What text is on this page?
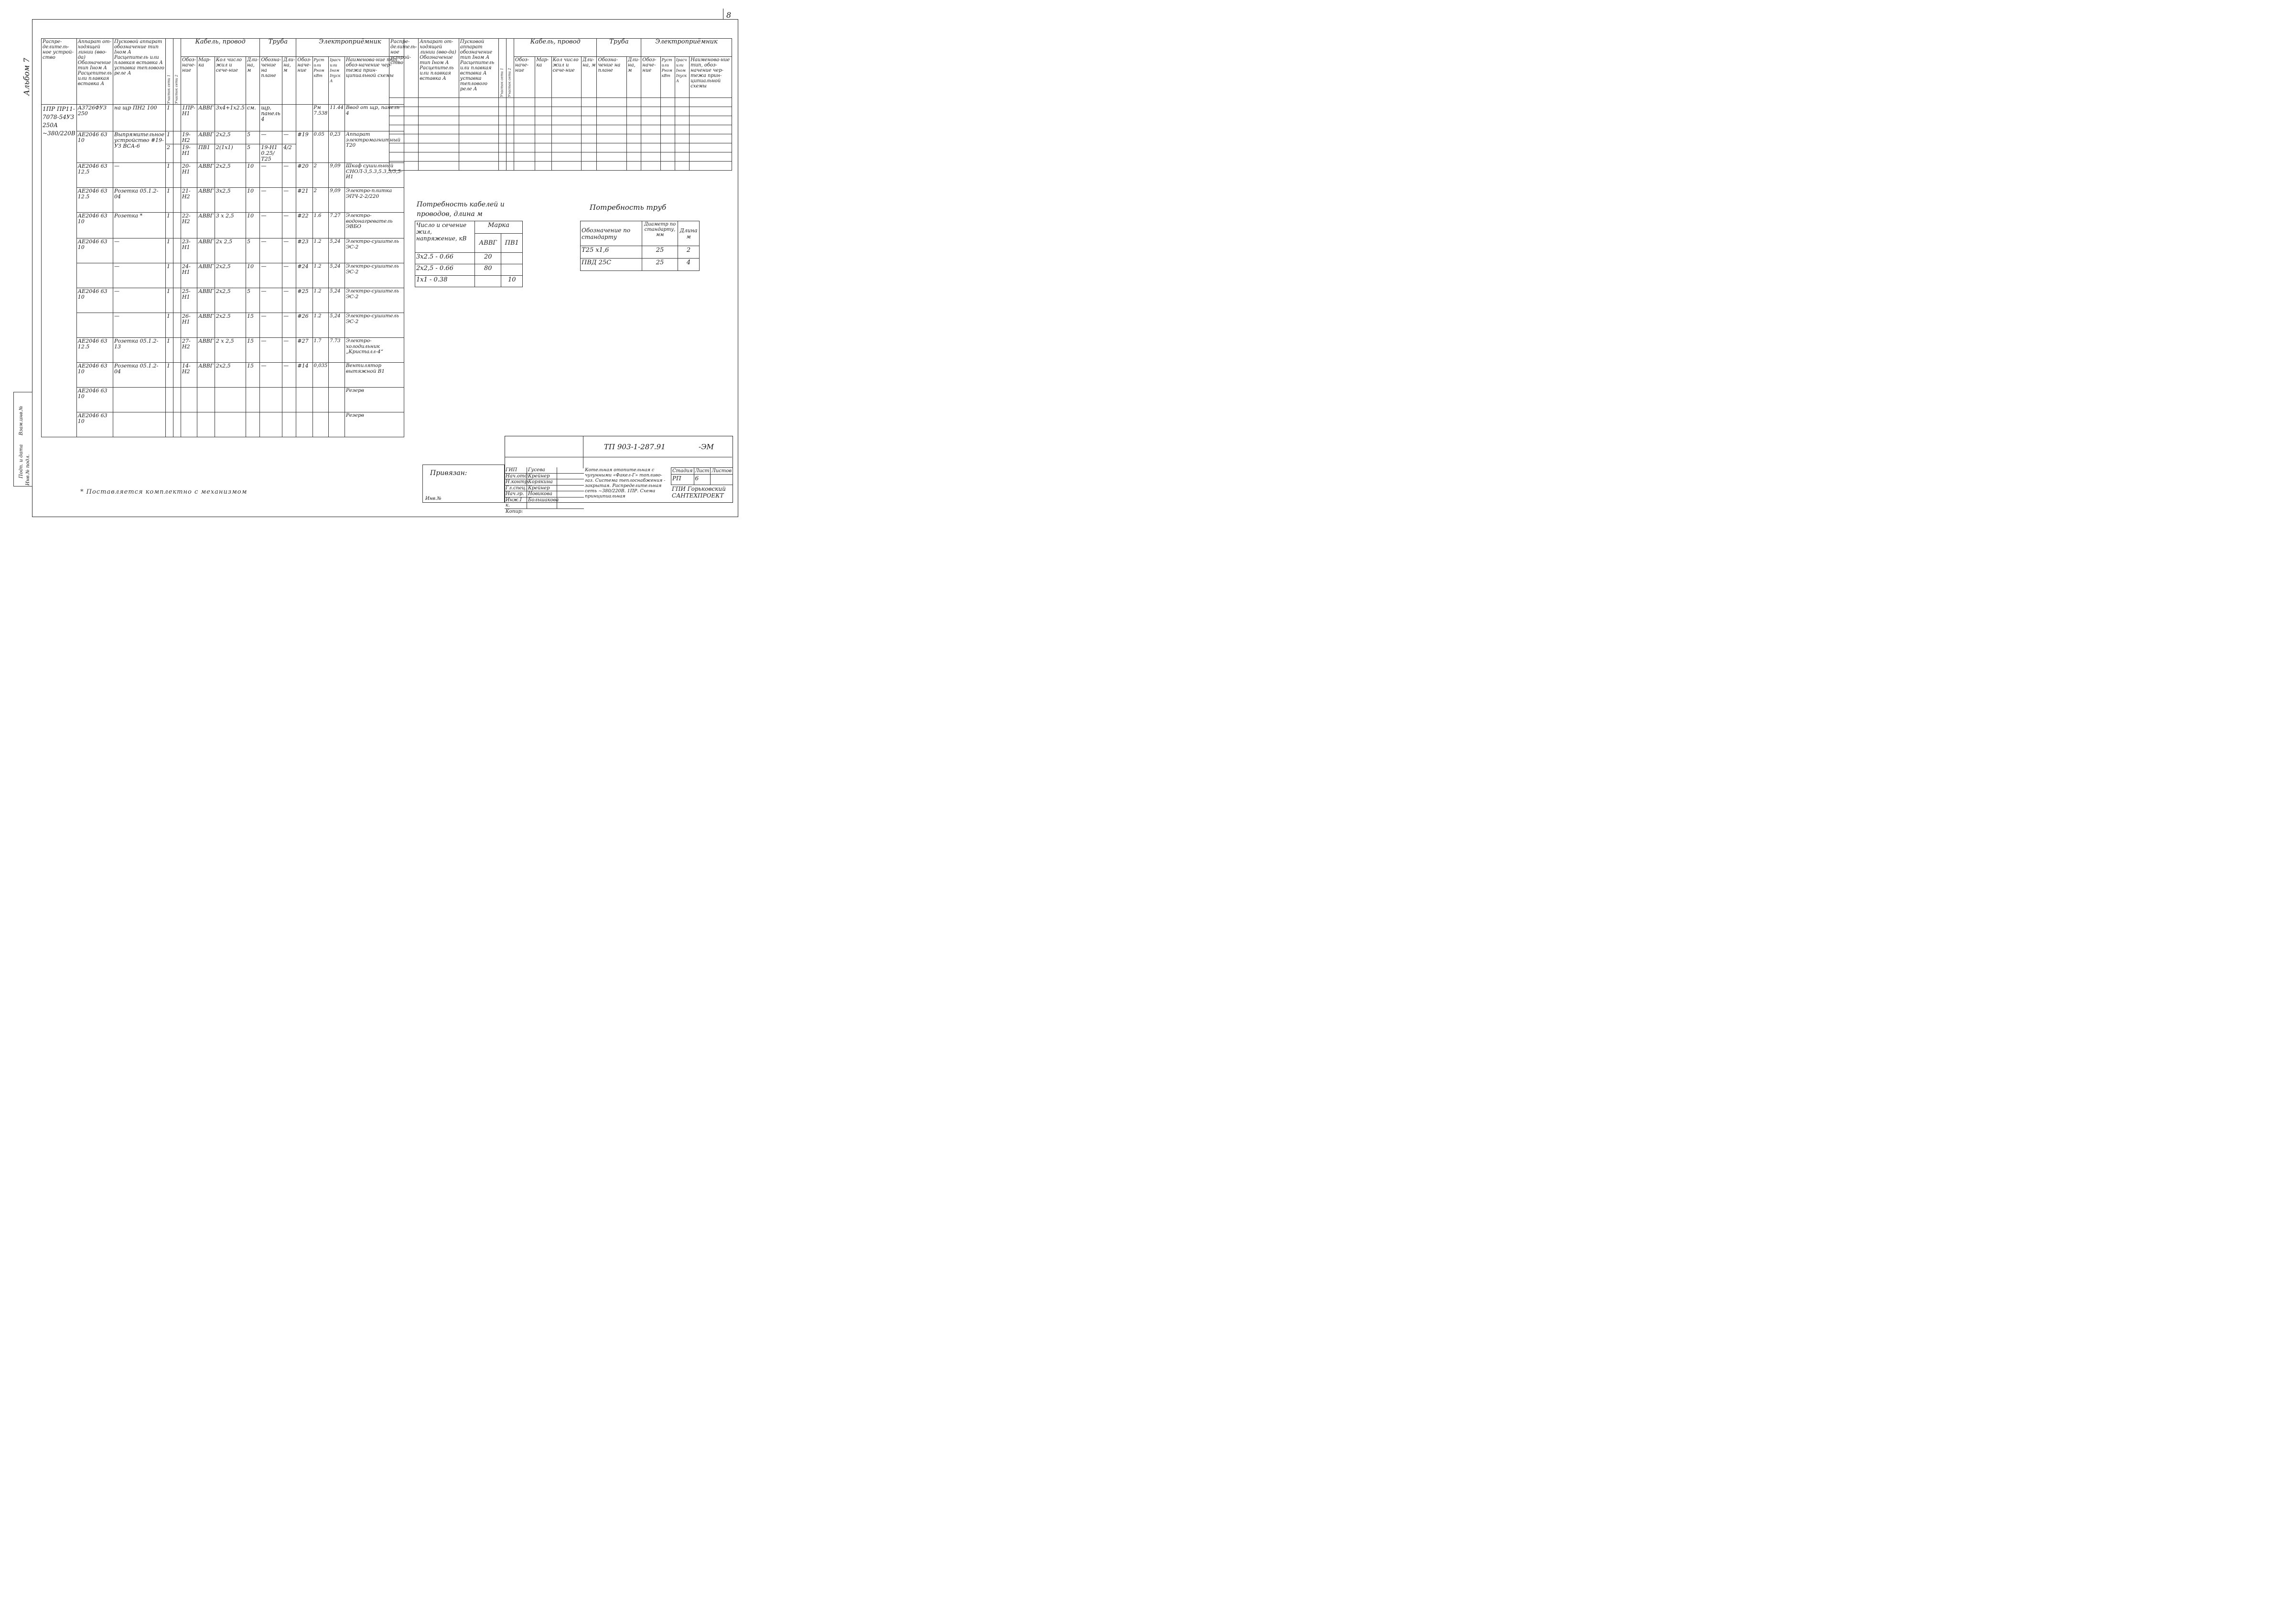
8
Альбом 7
Подп. и дата
Взам.инв.№
Инв.№ подл.
Распре-делитель-ное устрой-ство	Аппарат от-ходящей линии (вво-да) Обозначение тип Iном А Расцепитель или плавкая вставка А	Пусковой аппарат обозначение тип Iном А Расцепитель или плавкая вставка А уставка теплового реле А	Участок сети 1	Участок сети 2	Кабель, провод				Труба		Электроприёмник			
					Обоз-наче-ние	Мар-ка	Кол число жил и сече-ние	Дли-на, м	Обозна-чение на плане	Дли-на, м	Обоз-наче-ние	Руст или Рном кВт	Iрасч или Iном Iпуск А	Наименова-ние тип, обоз-начение чер-тежа прин-ципиальной схемы
1ПР ПР11-7078-54У3 250А ~380/220В	А3726ФУ3 250	на щр ПН2 100	1		1ПР-Н1	АВВГ	3х4+1х2.5	см.	щр, панель 4			Рм 7.538	11.44	Ввод от щр, панель 4
	АЕ2046 63 10	Выпрямительное устройство #19-УЗ ВСА-6	1		19-Н2	АВВГ	2х2,5	5	—	—	#19	0.05	0,23	Аппарат электромагнитный Т20
			2		19-Н1	ПВ1	2(1х1)	5	19-Н1 0.25/Т25	4/2				
	АЕ2046 63 12,5	—	1		20-Н1	АВВГ	2х2,5	10	—	—	#20	2	9,09	Шкаф сушильный СНОЛ-3,5.3,5.3,5/3,5-И1
	АЕ2046 63 12.5	Розетка 05.1.2-04	1		21-Н2	АВВГ	3х2,5	10	—	—	#21	2	9,09	Электро-плитка ЭПЧ-2-2/220
	АЕ2046 63 10	Розетка *	1		22-Н2	АВВГ	3 х 2,5	10	—	—	#22	1.6	7.27	Электро-водонагреватель ЭВБО
	АЕ2046 63 10	—	1		23-Н1	АВВГ	2х 2,5	5	—	—	#23	1.2	5,24	Электро-сушитель ЭС-2
		—	1		24-Н1	АВВГ	2х2,5	10	—	—	#24	1.2	5,24	Электро-сушитель ЭС-2
	АЕ2046 63 10	—	1		25-Н1	АВВГ	2х2,5	5	—	—	#25	1.2	5,24	Электро-сушитель ЭС-2
		—	1		26-Н1	АВВГ	2х2.5	15	—	—	#26	1.2	5,24	Электро-сушитель ЭС-2
	АЕ2046 63 12.5	Розетка 05.1.2-13	1		27-Н2	АВВГ	2 х 2,5	15	—	—	#27	1.7	7.73	Электро-холодильник „Кристалл-4“
	АЕ2046 63 10	Розетка 05.1.2-04	1		14-Н2	АВВГ	2х2,5	15	—	—	#14	0,035		Вентилятор вытяжной В1
	АЕ2046 63 10													Резерв
	АЕ2046 63 10													Резерв
Распре-делитель-ное устрой-ство	Аппарат от-ходящей линии (вво-да) Обозначение тип Iном А Расцепитель или плавкая вставка А	Пусковой аппарат обозначение тип Iном А Расцепитель или плавкая вставка А уставка теплового реле А	Участок сети 1	Участок сети 2	Кабель, провод				Труба		Электроприёмник			
					Обоз-наче-ние	Мар-ка	Кол число жил и сече-ние	Дли-на, м	Обозна-чение на плане	Дли-на, м	Обоз-наче-ние	Руст или Рном кВт	Iрасч или Iном Iпуск А	Наименова-ние тип, обоз-начение чер-тежа прин-ципиальной схемы

Потребность кабелей и проводов, длина м
Число и сечение жил, напряжение, кВ	Марка	
	АВВГ	ПВ1
3х2.5 - 0.66	20	
2х2,5 - 0.66	80	
1х1 - 0.38		10
Потребность труб
Обозначение по стандарту	Диаметр по стандарту, мм	Длина м
Т25 х1,6	25	2
ПВД 25С	25	4
* Поставляется комплектно с механизмом
ТП 903-1-287.91	-ЭМ
Привязан:
Инв.№
ГИП	Гусева
Нач.отд.
Крейнер
Н.контр.
Корякина
Гл.спец. Крейнер
Нач.гр. Новикова
Инж.I к.
Большакова
Копир:
Котельная отопительная с чугунными «Факел-Г» топливо-газ. Система теплоснабжения - закрытая. Распределительная сеть ~380/220В. 1ПР. Схема принципиальная
Стадия	Лист	Листов
РП	6	
ГПИ Горьковский САНТЕХПРОЕКТ
